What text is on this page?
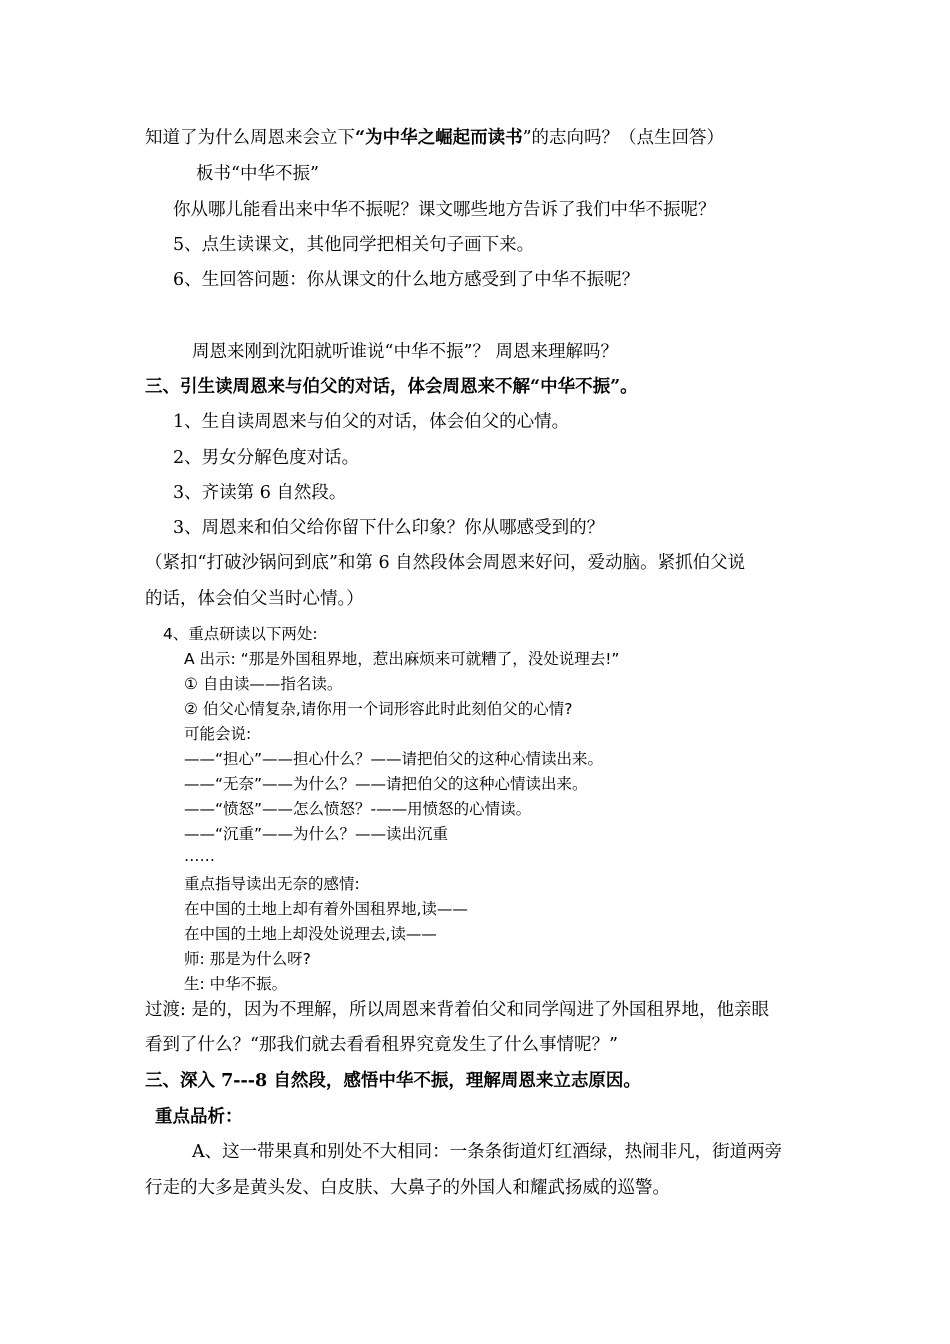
知道了为什么周恩来会立下“为中华之崛起而读书”的志向吗？（点生回答）
板书“中华不振”
你从哪儿能看出来中华不振呢？课文哪些地方告诉了我们中华不振呢？
5、点生读课文，其他同学把相关句子画下来。
6、生回答问题：你从课文的什么地方感受到了中华不振呢？
周恩来刚到沈阳就听谁说“中华不振”？ 周恩来理解吗？
三、引生读周恩来与伯父的对话，体会周恩来不解“中华不振”。
1、生自读周恩来与伯父的对话，体会伯父的心情。
2、男女分解色度对话。
3、齐读第 6 自然段。
3、周恩来和伯父给你留下什么印象？你从哪感受到的？
（紧扣“打破沙锅问到底”和第 6 自然段体会周恩来好问，爱动脑。紧抓伯父说
的话，体会伯父当时心情。）
4、重点研读以下两处:
A 出示: “那是外国租界地，惹出麻烦来可就糟了，没处说理去!”
① 自由读——指名读。
② 伯父心情复杂,请你用一个词形容此时此刻伯父的心情?
可能会说:
——“担心”——担心什么？——请把伯父的这种心情读出来。
——“无奈”——为什么？——请把伯父的这种心情读出来。
——“愤怒”——怎么愤怒？-——用愤怒的心情读。
——“沉重”——为什么？——读出沉重
……
重点指导读出无奈的感情:
在中国的土地上却有着外国租界地,读——
在中国的土地上却没处说理去,读——
师: 那是为什么呀?
生: 中华不振。
过渡: 是的，因为不理解，所以周恩来背着伯父和同学闯进了外国租界地，他亲眼
看到了什么？“那我们就去看看租界究竟发生了什么事情呢？”
三、深入 7---8 自然段，感悟中华不振，理解周恩来立志原因。
重点品析：
A、这一带果真和别处不大相同：一条条街道灯红酒绿，热闹非凡，街道两旁
行走的大多是黄头发、白皮肤、大鼻子的外国人和耀武扬威的巡警。
